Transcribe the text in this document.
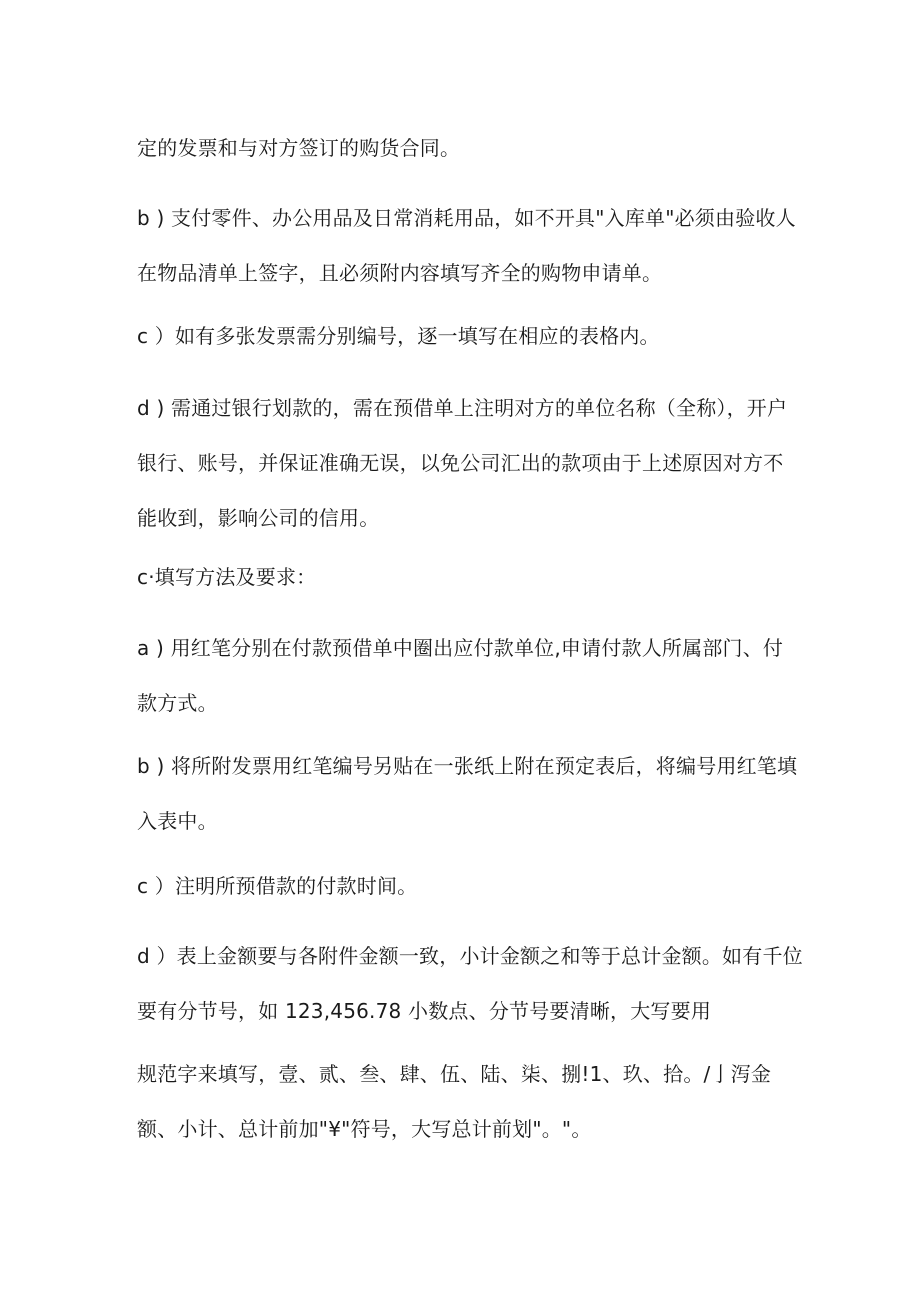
定的发票和与对方签订的购货合同。
b ) 支付零件、办公用品及日常消耗用品，如不开具"入库单"必须由验收人
在物品清单上签字，且必须附内容填写齐全的购物申请单。
c ）如有多张发票需分别编号，逐一填写在相应的表格内。
d ) 需通过银行划款的，需在预借单上注明对方的单位名称（全称），开户
银行、账号，并保证准确无误，以免公司汇出的款项由于上述原因对方不
能收到，影响公司的信用。
c·填写方法及要求：
a ) 用红笔分别在付款预借单中圈出应付款单位,申请付款人所属部门、付
款方式。
b ) 将所附发票用红笔编号另贴在一张纸上附在预定表后，将编号用红笔填
入表中。
c ）注明所预借款的付款时间。
d ）表上金额要与各附件金额一致，小计金额之和等于总计金额。如有千位
要有分节号，如 123,456.78 小数点、分节号要清晰，大写要用
规范字来填写，壹、贰、叁、肆、伍、陆、柒、捌!1、玖、拾。/亅泻金
额、小计、总计前加"¥"符号，大写总计前划"。"。
